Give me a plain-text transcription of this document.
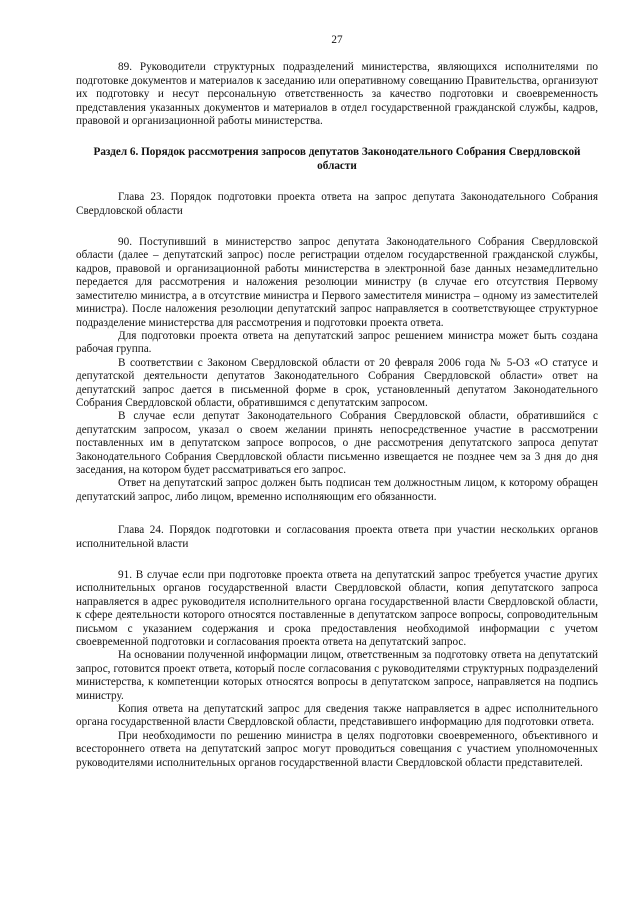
27

89. Руководители структурных подразделений министерства, являющихся исполнителями по подготовке документов и материалов к заседанию или оперативному совещанию Правительства, организуют их подготовку и несут персональную ответственность за качество подготовки и своевременность представления указанных документов и материалов в отдел государственной гражданской службы, кадров, правовой и организационной работы министерства.

Раздел 6. Порядок рассмотрения запросов депутатов Законодательного Собрания Свердловской области

Глава 23. Порядок подготовки проекта ответа на запрос депутата Законодательного Собрания Свердловской области

90. Поступивший в министерство запрос депутата Законодательного Собрания Свердловской области (далее – депутатский запрос) после регистрации отделом государственной гражданской службы, кадров, правовой и организационной работы министерства в электронной базе данных незамедлительно передается для рассмотрения и наложения резолюции министру (в случае его отсутствия Первому заместителю министра, а в отсутствие министра и Первого заместителя министра – одному из заместителей министра). После наложения резолюции депутатский запрос направляется в соответствующее структурное подразделение министерства для рассмотрения и подготовки проекта ответа.

Для подготовки проекта ответа на депутатский запрос решением министра может быть создана рабочая группа.

В соответствии с Законом Свердловской области от 20 февраля 2006 года № 5-ОЗ «О статусе и депутатской деятельности депутатов Законодательного Собрания Свердловской области» ответ на депутатский запрос дается в письменной форме в срок, установленный депутатом Законодательного Собрания Свердловской области, обратившимся с депутатским запросом.

В случае если депутат Законодательного Собрания Свердловской области, обратившийся с депутатским запросом, указал о своем желании принять непосредственное участие в рассмотрении поставленных им в депутатском запросе вопросов, о дне рассмотрения депутатского запроса депутат Законодательного Собрания Свердловской области письменно извещается не позднее чем за 3 дня до дня заседания, на котором будет рассматриваться его запрос.

Ответ на депутатский запрос должен быть подписан тем должностным лицом, к которому обращен депутатский запрос, либо лицом, временно исполняющим его обязанности.

Глава 24. Порядок подготовки и согласования проекта ответа при участии нескольких органов исполнительной власти

91. В случае если при подготовке проекта ответа на депутатский запрос требуется участие других исполнительных органов государственной власти Свердловской области, копия депутатского запроса направляется в адрес руководителя исполнительного органа государственной власти Свердловской области, к сфере деятельности которого относятся поставленные в депутатском запросе вопросы, сопроводительным письмом с указанием содержания и срока предоставления необходимой информации с учетом своевременной подготовки и согласования проекта ответа на депутатский запрос.

На основании полученной информации лицом, ответственным за подготовку ответа на депутатский запрос, готовится проект ответа, который после согласования с руководителями структурных подразделений министерства, к компетенции которых относятся вопросы в депутатском запросе, направляется на подпись министру.

Копия ответа на депутатский запрос для сведения также направляется в адрес исполнительного органа государственной власти Свердловской области, представившего информацию для подготовки ответа.

При необходимости по решению министра в целях подготовки своевременного, объективного и всестороннего ответа на депутатский запрос могут проводиться совещания с участием уполномоченных руководителями исполнительных органов государственной власти Свердловской области представителей.
